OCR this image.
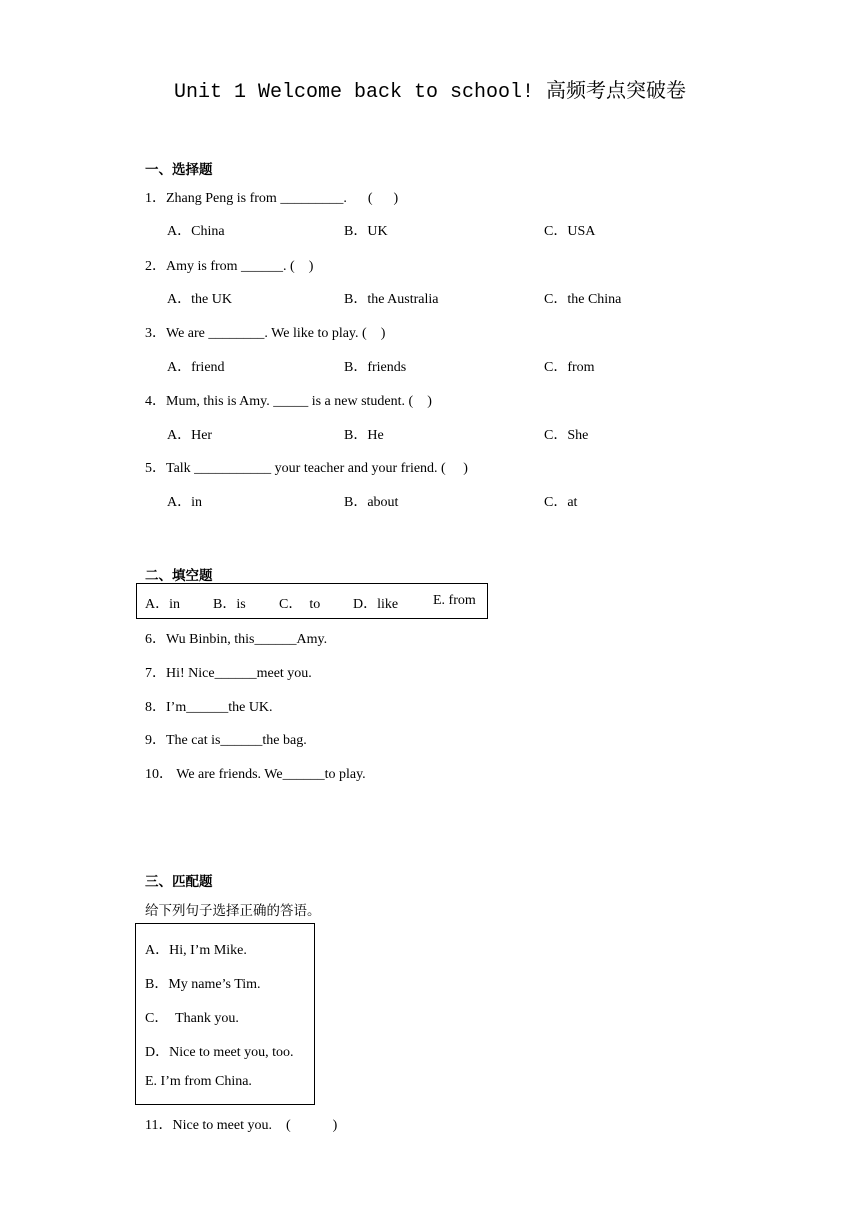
Unit 1 Welcome back to school! 高频考点突破卷
一、选择题
1．Zhang Peng is from _________.      (      )
A．China	B．UK	C．USA
2．Amy is from ______. (    )
A．the UK	B．the Australia	C．the China
3．We are ________. We like to play. (    )
A．friend	B．friends	C．from
4．Mum, this is Amy. _____ is a new student. (    )
A．Her	B．He	C．She
5．Talk ___________ your teacher and your friend. (     )
A．in	B．about	C．at
二、填空题
A．in B．is C．  to D．like E. from
6．Wu Binbin, this______Amy.
7．Hi! Nice______meet you.
8．I’m______the UK.
9．The cat is______the bag.
10． We are friends. We______to play.
三、匹配题
给下列句子选择正确的答语。
A．Hi, I’m Mike.
B．My name’s Tim.
C．  Thank you.
D．Nice to meet you, too.
E. I’m from China.
11．Nice to meet you.    (            )
